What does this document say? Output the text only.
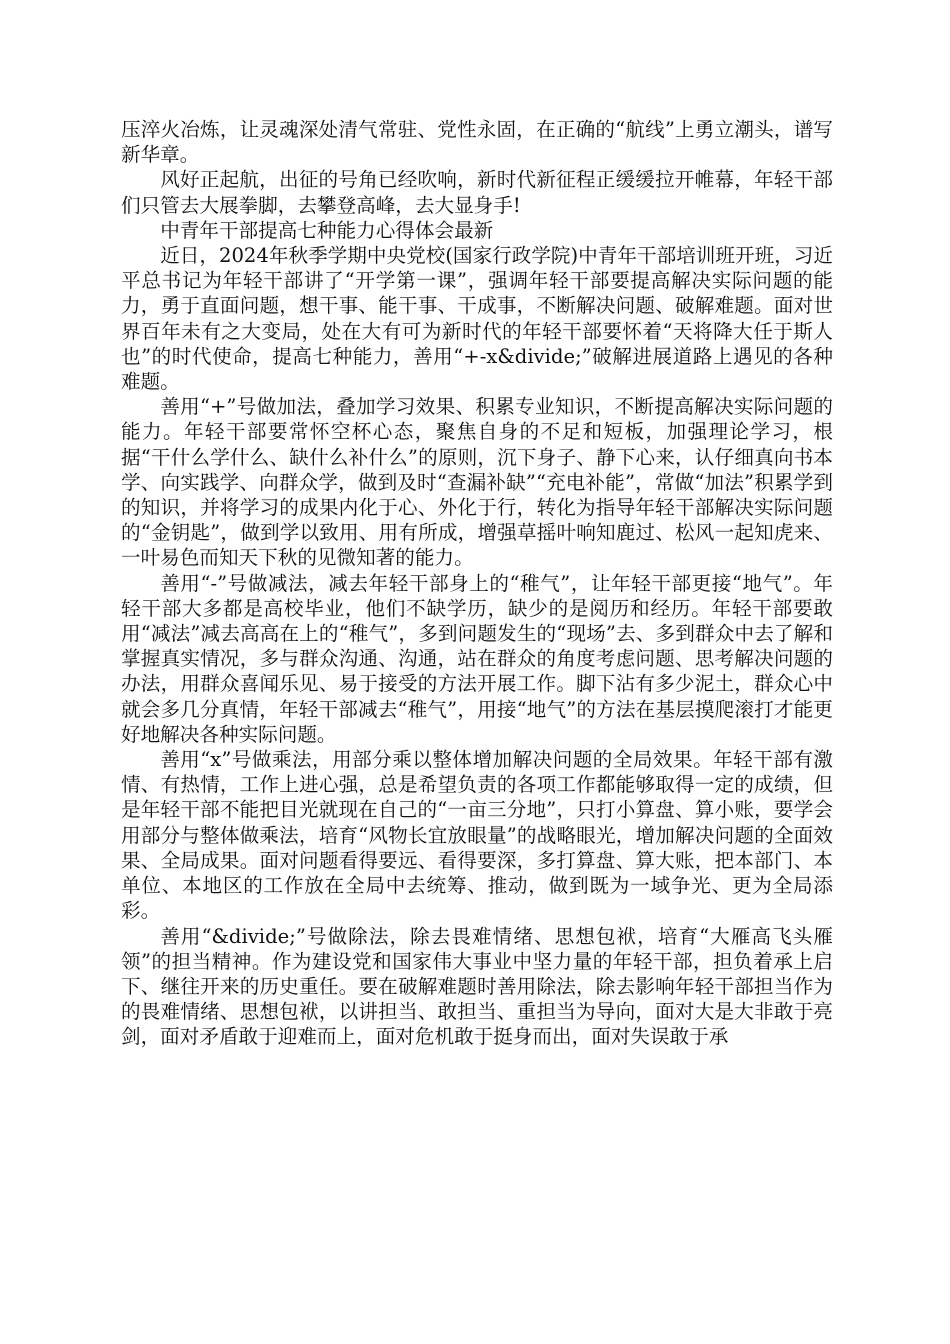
压淬火冶炼，让灵魂深处清气常驻、党性永固，在正确的“航线”上勇立潮头，谱写新华章。

风好正起航，出征的号角已经吹响，新时代新征程正缓缓拉开帷幕，年轻干部们只管去大展拳脚，去攀登高峰，去大显身手!

中青年干部提高七种能力心得体会最新

近日，2024年秋季学期中央党校(国家行政学院)中青年干部培训班开班，习近平总书记为年轻干部讲了“开学第一课”，强调年轻干部要提高解决实际问题的能力，勇于直面问题，想干事、能干事、干成事，不断解决问题、破解难题。面对世界百年未有之大变局，处在大有可为新时代的年轻干部要怀着“天将降大任于斯人也”的时代使命，提高七种能力，善用“+-x&divide;”破解进展道路上遇见的各种难题。

善用“+”号做加法，叠加学习效果、积累专业知识，不断提高解决实际问题的能力。年轻干部要常怀空杯心态，聚焦自身的不足和短板，加强理论学习，根据“干什么学什么、缺什么补什么”的原则，沉下身子、静下心来，认仔细真向书本学、向实践学、向群众学，做到及时“查漏补缺”“充电补能”，常做“加法”积累学到的知识，并将学习的成果内化于心、外化于行，转化为指导年轻干部解决实际问题的“金钥匙”，做到学以致用、用有所成，增强草摇叶响知鹿过、松风一起知虎来、一叶易色而知天下秋的见微知著的能力。

善用“-”号做减法，减去年轻干部身上的“稚气”，让年轻干部更接“地气”。年轻干部大多都是高校毕业，他们不缺学历，缺少的是阅历和经历。年轻干部要敢用“减法”减去高高在上的“稚气”，多到问题发生的“现场”去、多到群众中去了解和掌握真实情况，多与群众沟通、沟通，站在群众的角度考虑问题、思考解决问题的办法，用群众喜闻乐见、易于接受的方法开展工作。脚下沾有多少泥土，群众心中就会多几分真情，年轻干部减去“稚气”，用接“地气”的方法在基层摸爬滚打才能更好地解决各种实际问题。

善用“x”号做乘法，用部分乘以整体增加解决问题的全局效果。年轻干部有激情、有热情，工作上进心强，总是希望负责的各项工作都能够取得一定的成绩，但是年轻干部不能把目光就现在自己的“一亩三分地”，只打小算盘、算小账，要学会用部分与整体做乘法，培育“风物长宜放眼量”的战略眼光，增加解决问题的全面效果、全局成果。面对问题看得要远、看得要深，多打算盘、算大账，把本部门、本单位、本地区的工作放在全局中去统筹、推动，做到既为一域争光、更为全局添彩。

善用“&divide;”号做除法，除去畏难情绪、思想包袱，培育“大雁高飞头雁领”的担当精神。作为建设党和国家伟大事业中坚力量的年轻干部，担负着承上启下、继往开来的历史重任。要在破解难题时善用除法，除去影响年轻干部担当作为的畏难情绪、思想包袱，以讲担当、敢担当、重担当为导向，面对大是大非敢于亮剑，面对矛盾敢于迎难而上，面对危机敢于挺身而出，面对失误敢于承
